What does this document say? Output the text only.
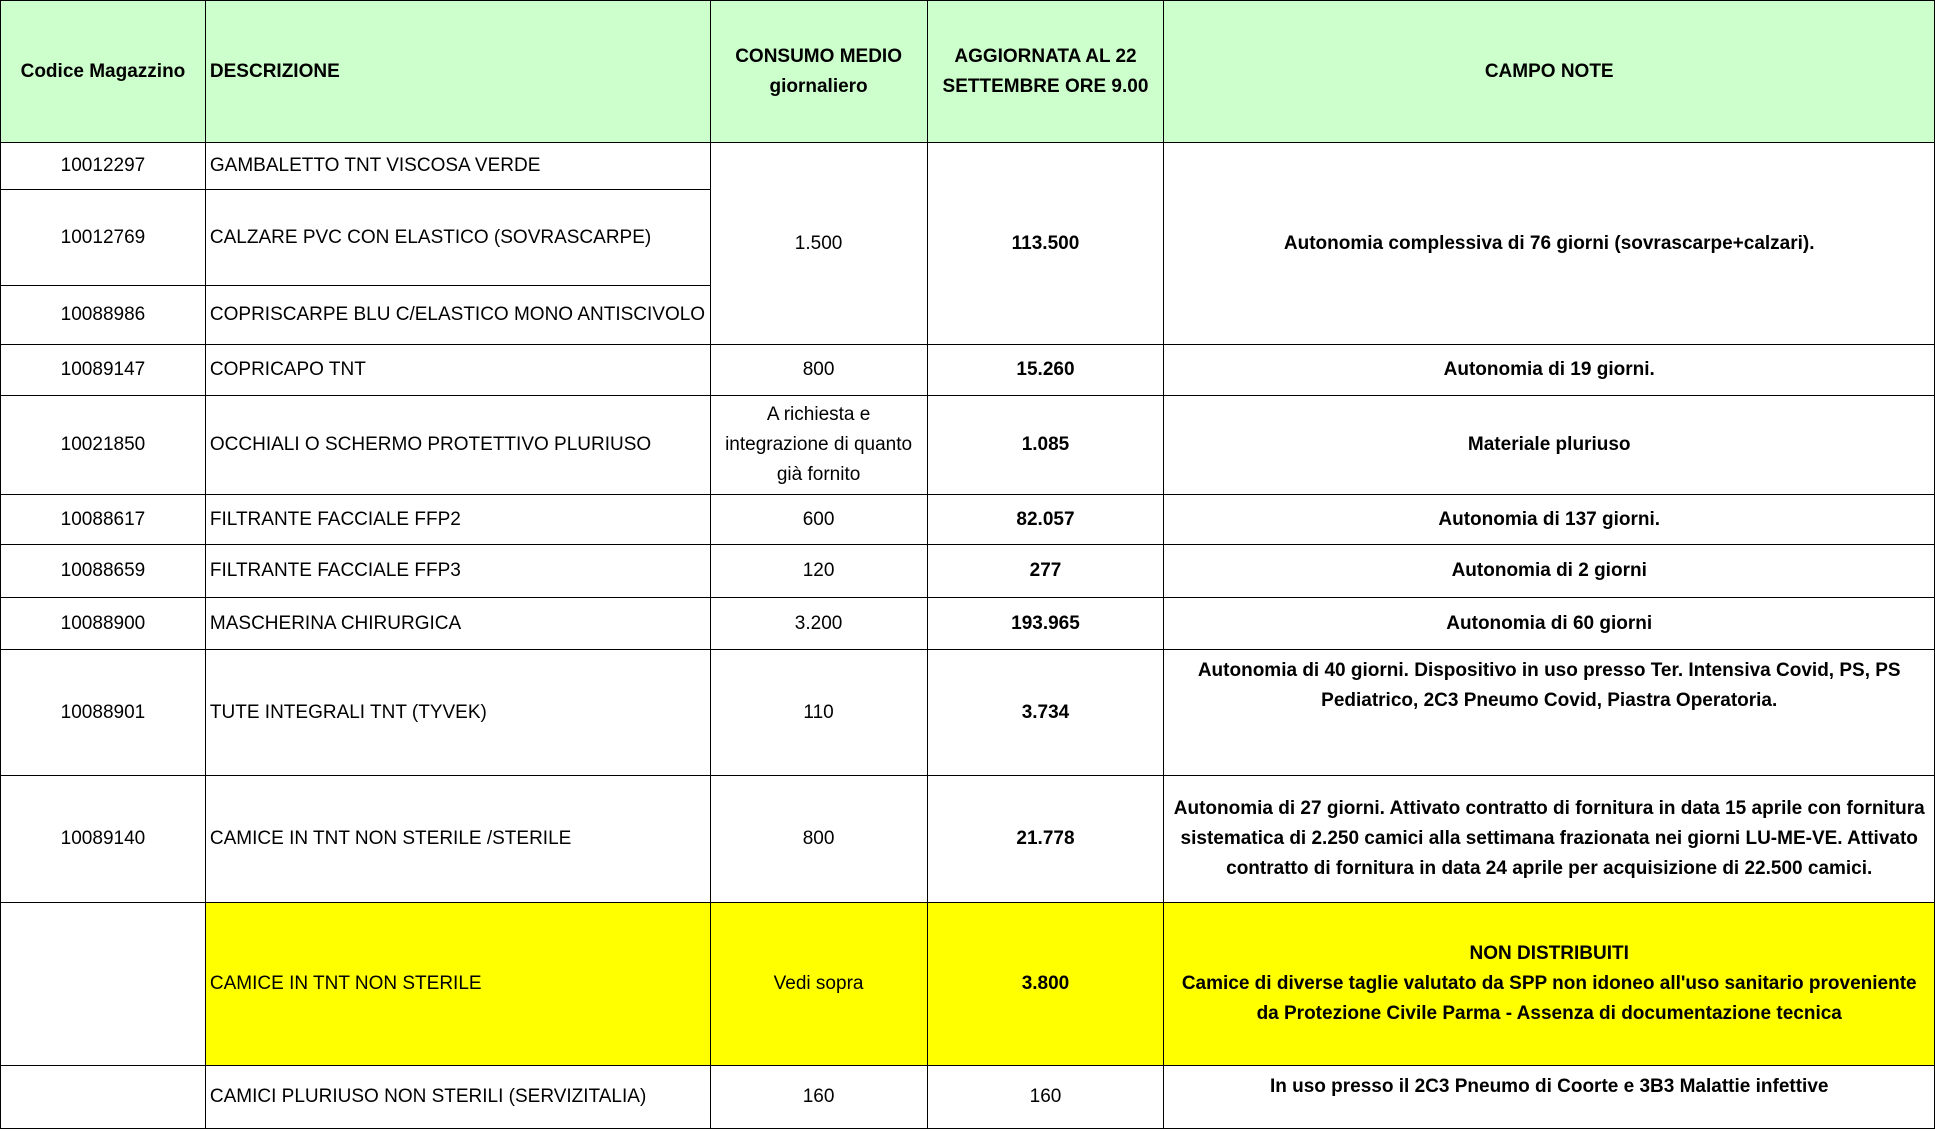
Codice Magazzino	DESCRIZIONE	CONSUMO MEDIO giornaliero	AGGIORNATA AL 22 SETTEMBRE ORE 9.00	CAMPO NOTE
10012297	GAMBALETTO TNT VISCOSA VERDE	1.500	113.500	Autonomia complessiva di 76 giorni (sovrascarpe+calzari).
10012769	CALZARE PVC CON ELASTICO (SOVRASCARPE)			
10088986	COPRISCARPE BLU C/ELASTICO MONO ANTISCIVOLO			
10089147	COPRICAPO TNT	800	15.260	Autonomia di 19 giorni.
10021850	OCCHIALI O SCHERMO PROTETTIVO PLURIUSO	A richiesta e integrazione di quanto già fornito	1.085	Materiale pluriuso
10088617	FILTRANTE FACCIALE FFP2	600	82.057	Autonomia di 137 giorni.
10088659	FILTRANTE FACCIALE FFP3	120	277	Autonomia di 2 giorni
10088900	MASCHERINA CHIRURGICA	3.200	193.965	Autonomia di 60 giorni
10088901	TUTE INTEGRALI TNT (TYVEK)	110	3.734	Autonomia di 40 giorni. Dispositivo in uso presso Ter. Intensiva Covid, PS, PS Pediatrico, 2C3 Pneumo Covid, Piastra Operatoria.
10089140	CAMICE IN TNT NON STERILE /STERILE	800	21.778	Autonomia di 27 giorni. Attivato contratto di fornitura in data 15 aprile con fornitura sistematica di 2.250 camici alla settimana frazionata nei giorni LU-ME-VE. Attivato contratto di fornitura in data 24 aprile per acquisizione di 22.500 camici.
	CAMICE IN TNT NON STERILE	Vedi sopra	3.800	NON DISTRIBUITI
Camice di diverse taglie valutato da SPP non idoneo all'uso sanitario proveniente da Protezione Civile Parma - Assenza di documentazione tecnica

	CAMICI PLURIUSO NON STERILI (SERVIZITALIA)	160	160	In uso presso il 2C3 Pneumo di Coorte e 3B3 Malattie infettive
